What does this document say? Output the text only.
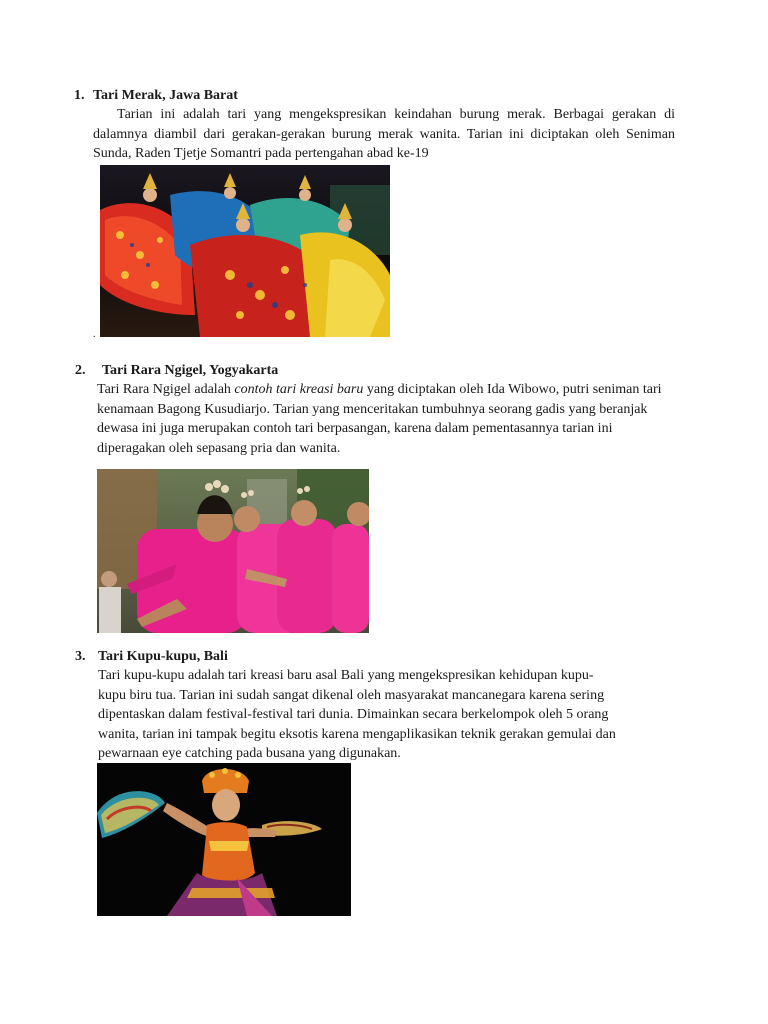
1. Tari Merak, Jawa Barat
Tarian ini adalah tari yang mengekspresikan keindahan burung merak. Berbagai gerakan di dalamnya diambil dari gerakan-gerakan burung merak wanita. Tarian ini diciptakan oleh Seniman Sunda, Raden Tjetje Somantri pada pertengahan abad ke-19
.
2. Tari Rara Ngigel, Yogyakarta
Tari Rara Ngigel adalah contoh tari kreasi baru yang diciptakan oleh Ida Wibowo, putri seniman tari kenamaan Bagong Kusudiarjo. Tarian yang menceritakan tumbuhnya seorang gadis yang beranjak dewasa ini juga merupakan contoh tari berpasangan, karena dalam pementasannya tarian ini diperagakan oleh sepasang pria dan wanita.
3. Tari Kupu-kupu, Bali
Tari kupu-kupu adalah tari kreasi baru asal Bali yang mengekspresikan kehidupan kupu-
kupu biru tua. Tarian ini sudah sangat dikenal oleh masyarakat mancanegara karena sering
dipentaskan dalam festival-festival tari dunia. Dimainkan secara berkelompok oleh 5 orang
wanita, tarian ini tampak begitu eksotis karena mengaplikasikan teknik gerakan gemulai dan
pewarnaan eye catching pada busana yang digunakan.
